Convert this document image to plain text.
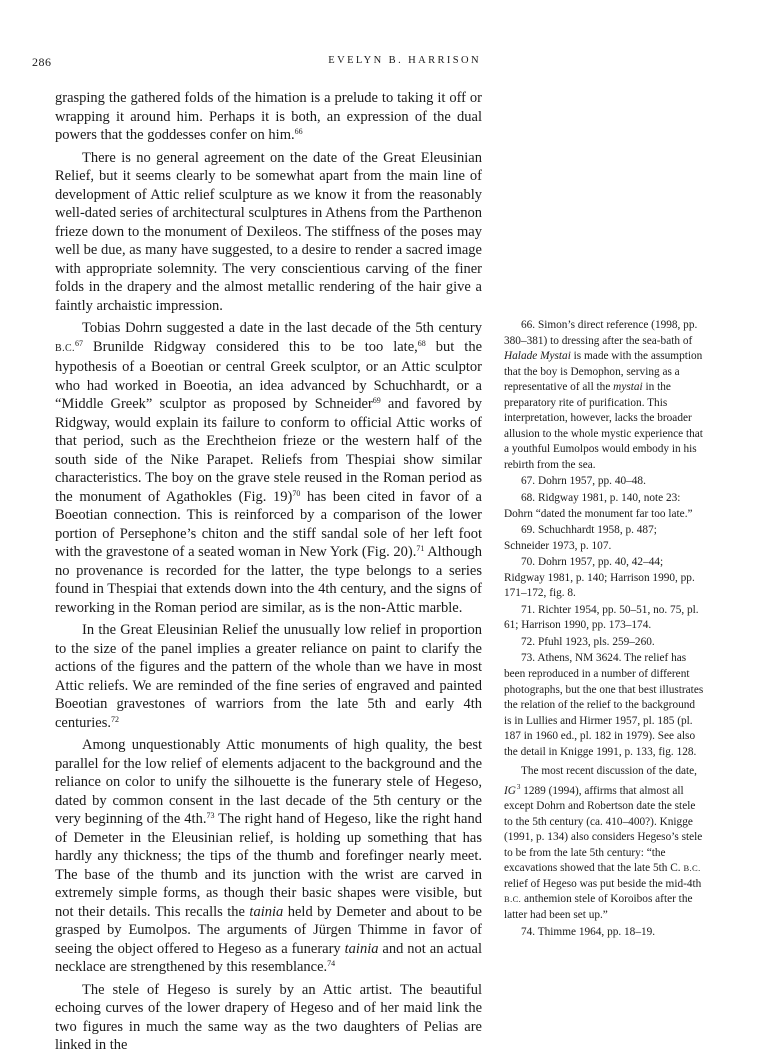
286	EVELYN B. HARRISON

grasping the gathered folds of the himation is a prelude to taking it off or wrapping it around him. Perhaps it is both, an expression of the dual powers that the goddesses confer on him.$^{66}$

There is no general agreement on the date of the Great Eleusinian Relief, but it seems clearly to be somewhat apart from the main line of development of Attic relief sculpture as we know it from the reasonably well-dated series of architectural sculptures in Athens from the Parthenon frieze down to the monument of Dexileos. The stiffness of the poses may well be due, as many have suggested, to a desire to render a sacred image with appropriate solemnity. The very conscientious carving of the finer folds in the drapery and the almost metallic rendering of the hair give a faintly archaistic impression.

Tobias Dohrn suggested a date in the last decade of the 5th century B.C.$^{67}$ Brunilde Ridgway considered this to be too late,$^{68}$ but the hypothesis of a Boeotian or central Greek sculptor, or an Attic sculptor who had worked in Boeotia, an idea advanced by Schuchhardt, or a “Middle Greek” sculptor as proposed by Schneider$^{69}$ and favored by Ridgway, would explain its failure to conform to official Attic works of that period, such as the Erechtheion frieze or the western half of the south side of the Nike Parapet. Reliefs from Thespiai show similar characteristics. The boy on the grave stele reused in the Roman period as the monument of Agathokles (Fig. 19)$^{70}$ has been cited in favor of a Boeotian connection. This is reinforced by a comparison of the lower portion of Persephone’s chiton and the stiff sandal sole of her left foot with the gravestone of a seated woman in New York (Fig. 20).$^{71}$ Although no provenance is recorded for the latter, the type belongs to a series found in Thespiai that extends down into the 4th century, and the signs of reworking in the Roman period are similar, as is the non-Attic marble.

In the Great Eleusinian Relief the unusually low relief in proportion to the size of the panel implies a greater reliance on paint to clarify the actions of the figures and the pattern of the whole than we have in most Attic reliefs. We are reminded of the fine series of engraved and painted Boeotian gravestones of warriors from the late 5th and early 4th centuries.$^{72}$

Among unquestionably Attic monuments of high quality, the best parallel for the low relief of elements adjacent to the background and the reliance on color to unify the silhouette is the funerary stele of Hegeso, dated by common consent in the last decade of the 5th century or the very beginning of the 4th.$^{73}$ The right hand of Hegeso, like the right hand of Demeter in the Eleusinian relief, is holding up something that has hardly any thickness; the tips of the thumb and forefinger nearly meet. The base of the thumb and its junction with the wrist are carved in extremely simple forms, as though their basic shapes were visible, but not their details. This recalls the tainia held by Demeter and about to be grasped by Eumolpos. The arguments of Jürgen Thimme in favor of seeing the object offered to Hegeso as a funerary tainia and not an actual necklace are strengthened by this resemblance.$^{74}$

The stele of Hegeso is surely by an Attic artist. The beautiful echoing curves of the lower drapery of Hegeso and of her maid link the two figures in much the same way as the two daughters of Pelias are linked in the

66. Simon’s direct reference (1998, pp. 380–381) to dressing after the sea-bath of Halade Mystai is made with the assumption that the boy is Demophon, serving as a representative of all the mystai in the preparatory rite of purification. This interpretation, however, lacks the broader allusion to the whole mystic experience that a youthful Eumolpos would embody in his rebirth from the sea.

67. Dohrn 1957, pp. 40–48.

68. Ridgway 1981, p. 140, note 23: Dohrn “dated the monument far too late.”

69. Schuchhardt 1958, p. 487; Schneider 1973, p. 107.

70. Dohrn 1957, pp. 40, 42–44; Ridgway 1981, p. 140; Harrison 1990, pp. 171–172, fig. 8.

71. Richter 1954, pp. 50–51, no. 75, pl. 61; Harrison 1990, pp. 173–174.

72. Pfuhl 1923, pls. 259–260.

73. Athens, NM 3624. The relief has been reproduced in a number of different photographs, but the one that best illustrates the relation of the relief to the background is in Lullies and Hirmer 1957, pl. 185 (pl. 187 in 1960 ed., pl. 182 in 1979). See also the detail in Knigge 1991, p. 133, fig. 128.

The most recent discussion of the date, IG $^3$ 1289 (1994), affirms that almost all except Dohrn and Robertson date the stele to the 5th century (ca. 410–400?). Knigge (1991, p. 134) also considers Hegeso’s stele to be from the late 5th century: “the excavations showed that the late 5th C. B.C. relief of Hegeso was put beside the mid-4th B.C. anthemion stele of Koroibos after the latter had been set up.”

74. Thimme 1964, pp. 18–19.
